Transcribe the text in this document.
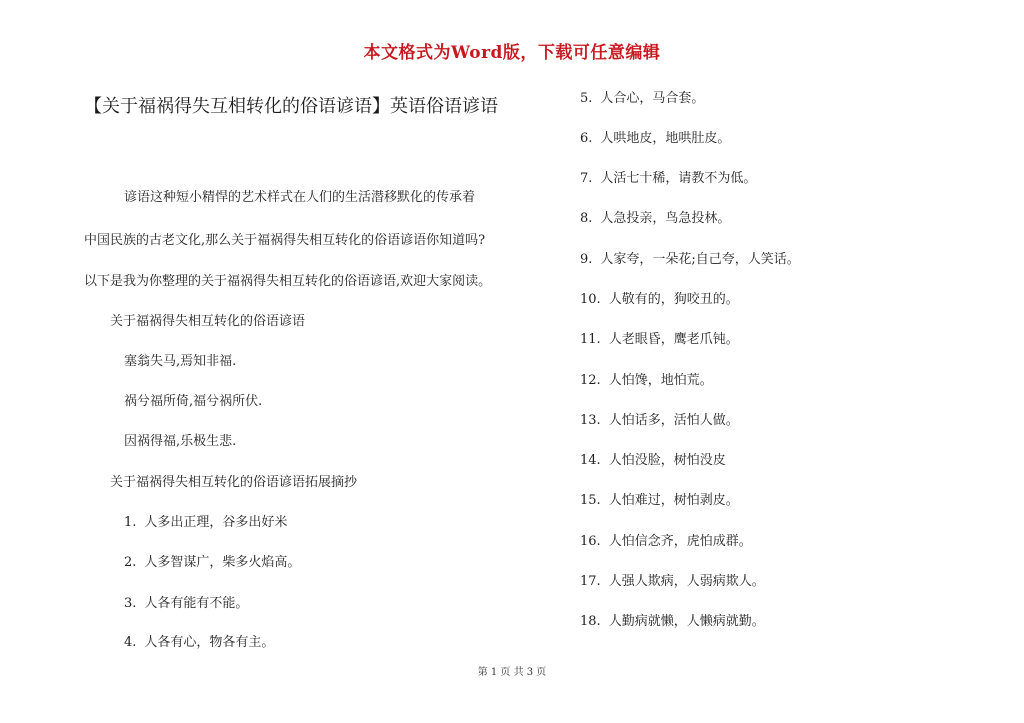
本文格式为Word版，下载可任意编辑
【关于福祸得失互相转化的俗语谚语】英语俗语谚语
谚语这种短小精悍的艺术样式在人们的生活潜移默化的传承着
中国民族的古老文化,那么关于福祸得失相互转化的俗语谚语你知道吗?
以下是我为你整理的关于福祸得失相互转化的俗语谚语,欢迎大家阅读。
关于福祸得失相互转化的俗语谚语
塞翁失马,焉知非福.
祸兮福所倚,福兮祸所伏.
因祸得福,乐极生悲.
关于福祸得失相互转化的俗语谚语拓展摘抄
1. 人多出正理，谷多出好米
2. 人多智谋广，柴多火焰高。
3. 人各有能有不能。
4. 人各有心，物各有主。
5. 人合心，马合套。
6. 人哄地皮，地哄肚皮。
7. 人活七十稀，请教不为低。
8. 人急投亲，鸟急投林。
9. 人家夸，一朵花;自己夸，人笑话。
10. 人敬有的，狗咬丑的。
11. 人老眼昏，鹰老爪钝。
12. 人怕馋，地怕荒。
13. 人怕话多，活怕人做。
14. 人怕没脸，树怕没皮
15. 人怕难过，树怕剥皮。
16. 人怕信念齐，虎怕成群。
17. 人强人欺病，人弱病欺人。
18. 人勤病就懒，人懒病就勤。
第 1 页 共 3 页
